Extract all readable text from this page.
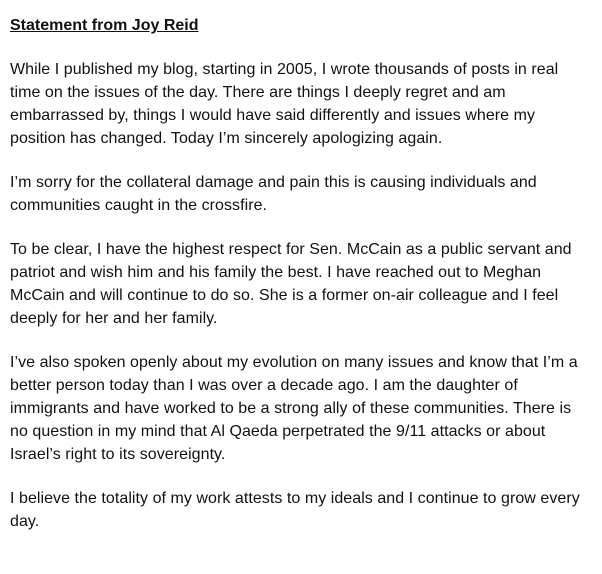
Statement from Joy Reid

While I published my blog, starting in 2005, I wrote thousands of posts in real time on the issues of the day. There are things I deeply regret and am embarrassed by, things I would have said differently and issues where my position has changed. Today I’m sincerely apologizing again.

I’m sorry for the collateral damage and pain this is causing individuals and communities caught in the crossfire.

To be clear, I have the highest respect for Sen. McCain as a public servant and patriot and wish him and his family the best. I have reached out to Meghan McCain and will continue to do so. She is a former on-air colleague and I feel deeply for her and her family.

I’ve also spoken openly about my evolution on many issues and know that I’m a better person today than I was over a decade ago. I am the daughter of immigrants and have worked to be a strong ally of these communities. There is no question in my mind that Al Qaeda perpetrated the 9/11 attacks or about Israel’s right to its sovereignty.

I believe the totality of my work attests to my ideals and I continue to grow every day.
